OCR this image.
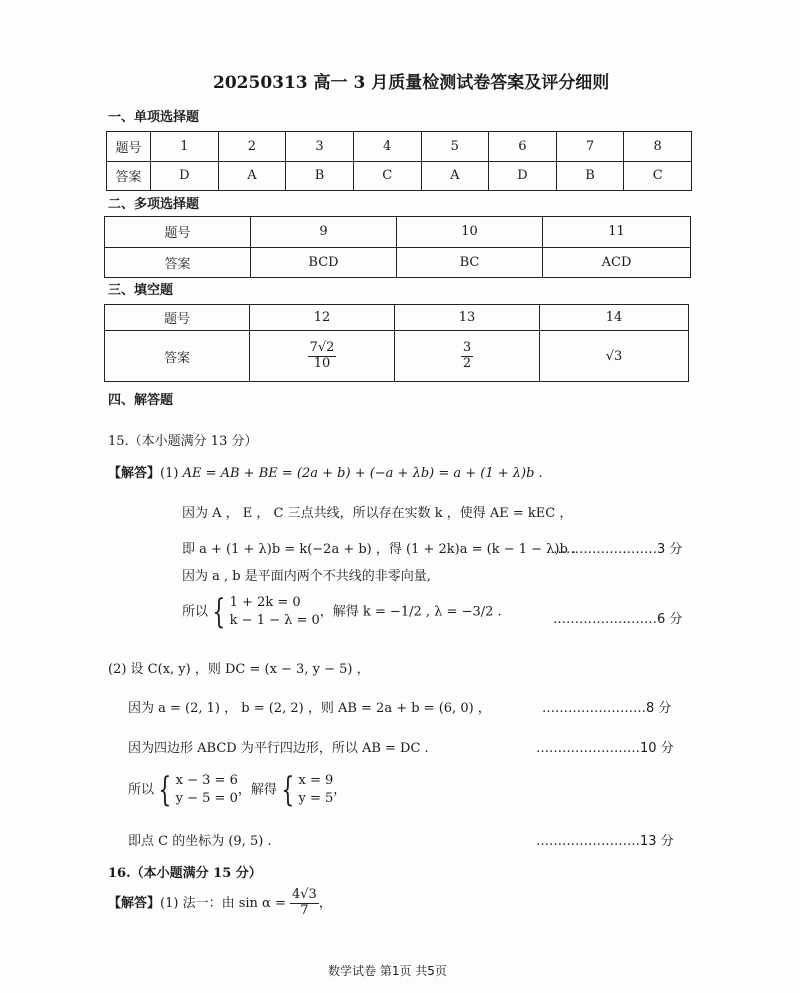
20250313 高一 3 月质量检测试卷答案及评分细则
一、单项选择题
题号	1	2	3	4	5	6	7	8
答案	D	A	B	C	A	D	B	C
二、多项选择题
题号	9	10	11
答案	BCD	BC	ACD
三、填空题
题号	12	13	14
答案	$\frac{7√2}{10}$	$\frac{3}{2}$	√3
四、解答题
15.（本小题满分 13 分）
【解答】(1) AE = AB + BE = (2a + b) + (−a + λb) = a + (1 + λ)b .
因为 A ， E ， C 三点共线，所以存在实数 k ，使得 AE = kEC ，
即 a + (1 + λ)b = k(−2a + b) ，得 (1 + 2k)a = (k − 1 − λ)b .
……………………3 分
因为 a , b 是平面内两个不共线的非零向量,
所以 { 1 + 2k = 0
k − 1 − λ = 0
，解得 k = −1/2 , λ = −3/2 .	……………………6 分
(2) 设 C(x, y) ，则 DC = (x − 3, y − 5) ，
因为 a = (2, 1) ， b = (2, 2) ，则 AB = 2a + b = (6, 0) ，	……………………8 分
因为四边形 ABCD 为平行四边形，所以 AB = DC .	……………………10 分
所以 { x − 3 = 6
y − 5 = 0
，解得 { x = 9
y = 5
，
即点 C 的坐标为 (9, 5) .	……………………13 分
16.（本小题满分 15 分）
【解答】(1) 法一：由 $\sin \alpha = \frac{4√3}{7}$ ，
数学试卷 第1页 共5页
